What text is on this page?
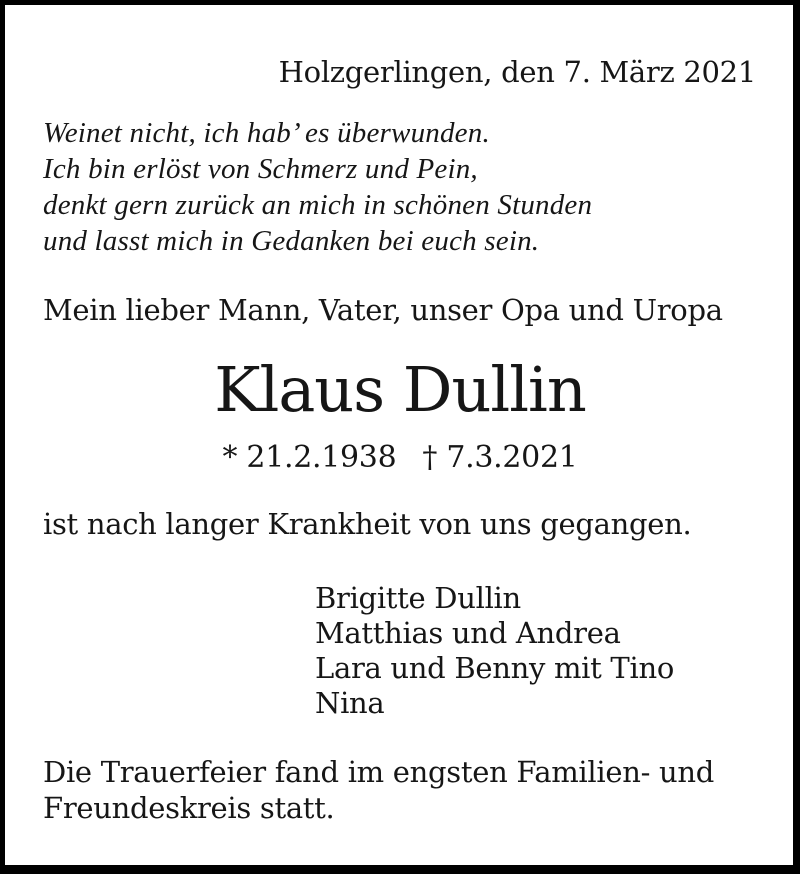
Holzgerlingen, den 7. März 2021
Weinet nicht, ich hab’ es überwunden.
Ich bin erlöst von Schmerz und Pein,
denkt gern zurück an mich in schönen Stunden
und lasst mich in Gedanken bei euch sein.
Mein lieber Mann, Vater, unser Opa und Uropa
Klaus Dullin
* 21.2.1938 † 7.3.2021
ist nach langer Krankheit von uns gegangen.
Brigitte Dullin
Matthias und Andrea
Lara und Benny mit Tino
Nina
Die Trauerfeier fand im engsten Familien- und
Freundeskreis statt.
